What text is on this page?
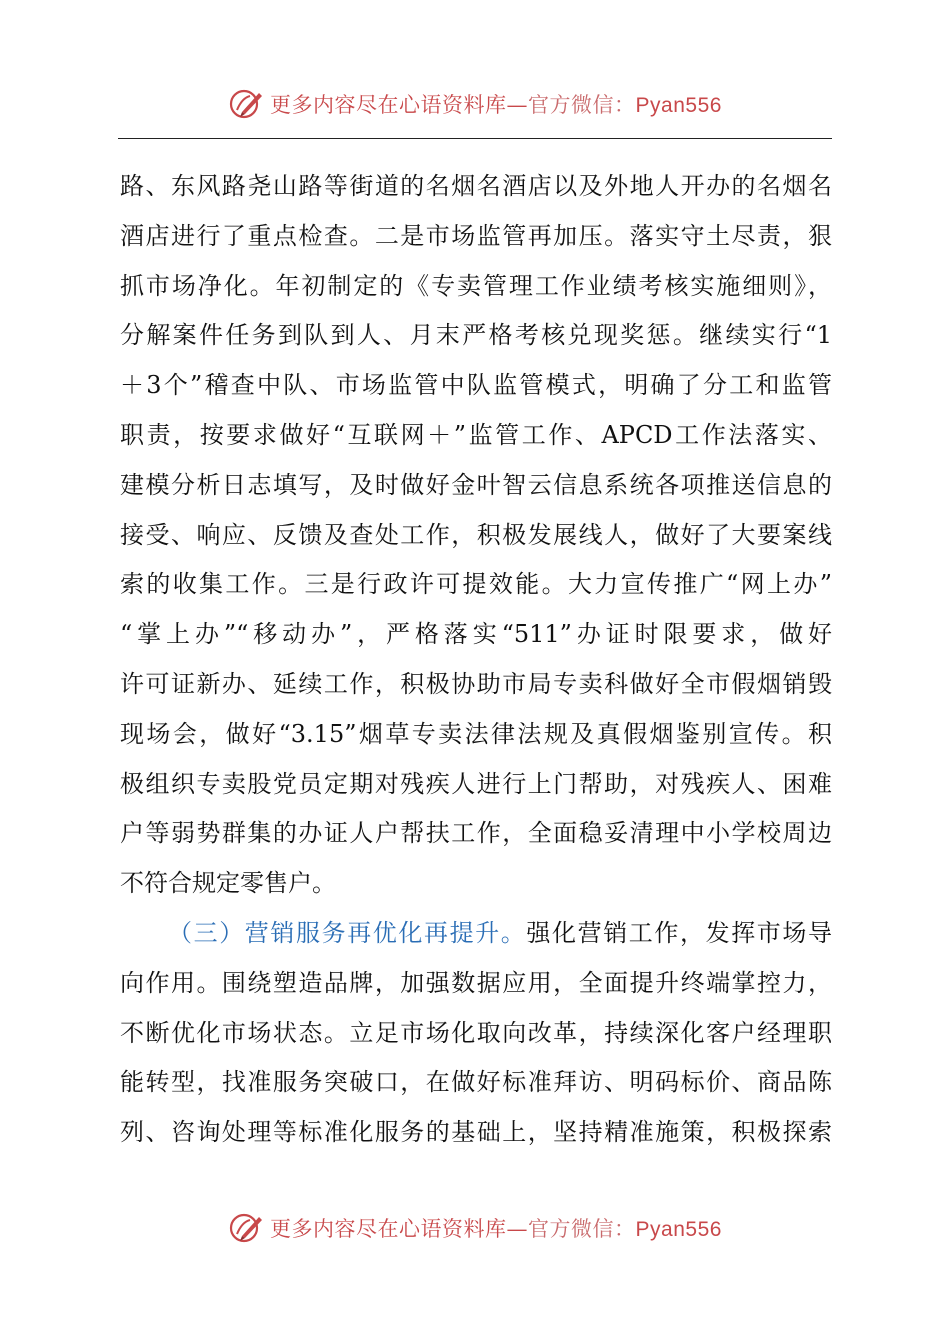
更多内容尽在心语资料库—官方微信：Pyan556
路、东风路尧山路等街道的名烟名酒店以及外地人开办的名烟名
酒店进行了重点检查。二是市场监管再加压。落实守土尽责，狠
抓市场净化。年初制定的《专卖管理工作业绩考核实施细则》，
分解案件任务到队到人、月末严格考核兑现奖惩。继续实行“1
＋3个”稽查中队、市场监管中队监管模式，明确了分工和监管
职责，按要求做好“互联网＋”监管工作、APCD工作法落实、
建模分析日志填写，及时做好金叶智云信息系统各项推送信息的
接受、响应、反馈及查处工作，积极发展线人，做好了大要案线
索的收集工作。三是行政许可提效能。大力宣传推广“网上办”
“掌上办”“移动办”，严格落实“511”办证时限要求，做好
许可证新办、延续工作，积极协助市局专卖科做好全市假烟销毁
现场会，做好“3.15”烟草专卖法律法规及真假烟鉴别宣传。积
极组织专卖股党员定期对残疾人进行上门帮助，对残疾人、困难
户等弱势群集的办证人户帮扶工作，全面稳妥清理中小学校周边
不符合规定零售户。
（三）营销服务再优化再提升。强化营销工作，发挥市场导
向作用。围绕塑造品牌，加强数据应用，全面提升终端掌控力，
不断优化市场状态。立足市场化取向改革，持续深化客户经理职
能转型，找准服务突破口，在做好标准拜访、明码标价、商品陈
列、咨询处理等标准化服务的基础上，坚持精准施策，积极探索
更多内容尽在心语资料库—官方微信：Pyan556
